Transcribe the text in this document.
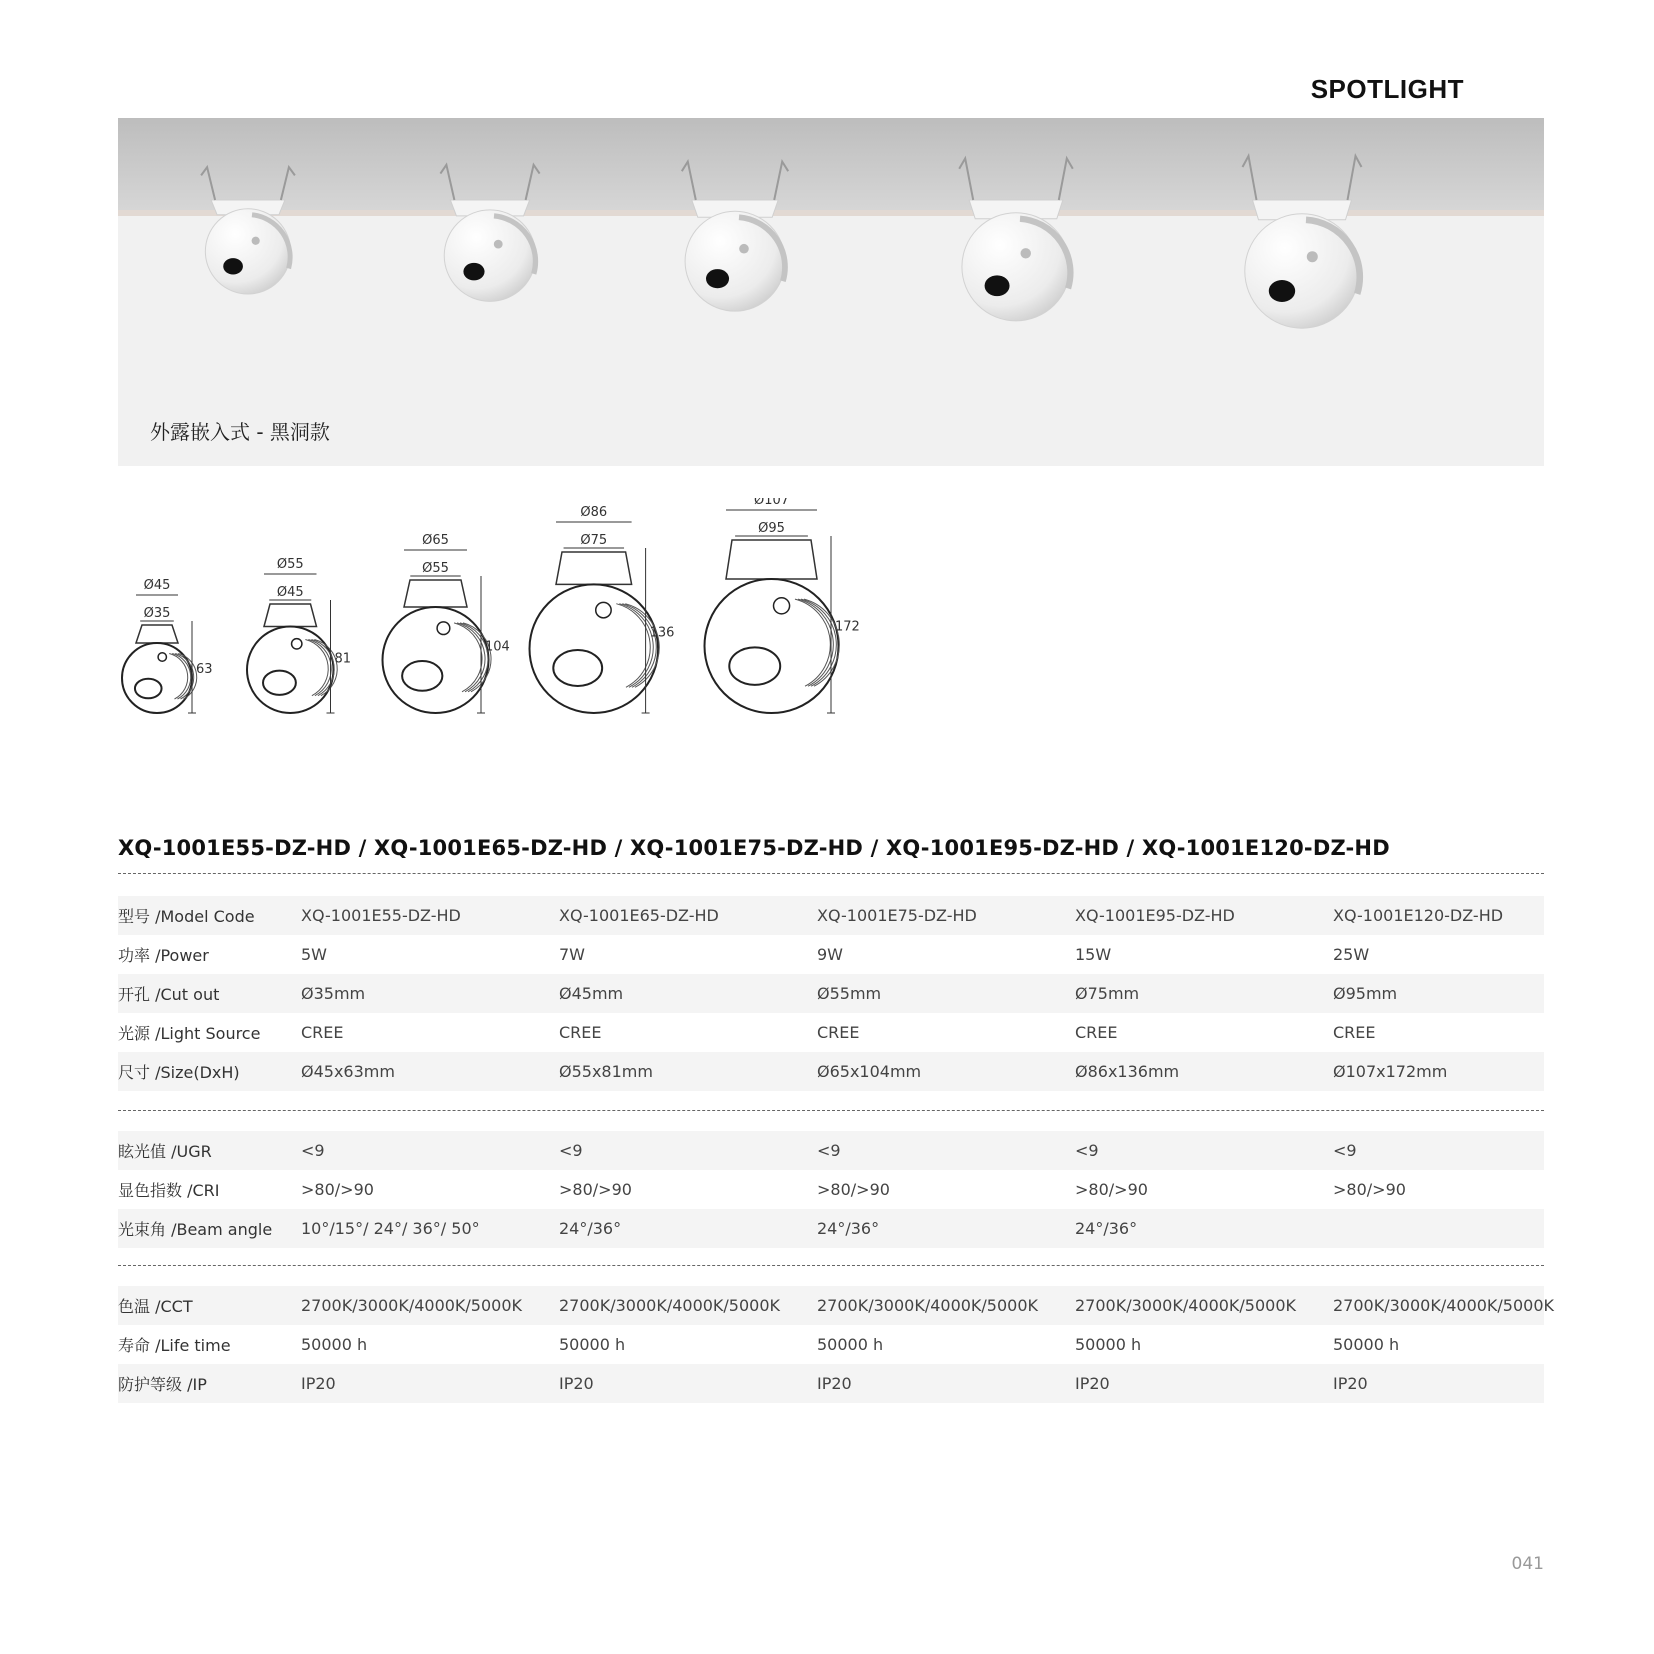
SPOTLIGHT
外露嵌入式 - 黑洞款
Ø45
Ø35
63
Ø55
Ø45
81
Ø65
Ø55
104
Ø86
Ø75
136
Ø107
Ø95
172
XQ-1001E55-DZ-HD / XQ-1001E65-DZ-HD / XQ-1001E75-DZ-HD / XQ-1001E95-DZ-HD / XQ-1001E120-DZ-HD
型号 /Model Code	XQ-1001E55-DZ-HD	XQ-1001E65-DZ-HD	XQ-1001E75-DZ-HD	XQ-1001E95-DZ-HD	XQ-1001E120-DZ-HD
功率 /Power	5W	7W	9W	15W	25W
开孔 /Cut out	Ø35mm	Ø45mm	Ø55mm	Ø75mm	Ø95mm
光源 /Light Source	CREE	CREE	CREE	CREE	CREE
尺寸 /Size(DxH)	Ø45x63mm	Ø55x81mm	Ø65x104mm	Ø86x136mm	Ø107x172mm
眩光值 /UGR	<9	<9	<9	<9	<9
显色指数 /CRI	>80/>90	>80/>90	>80/>90	>80/>90	>80/>90
光束角 /Beam angle	10°/15°/ 24°/ 36°/ 50°	24°/36°	24°/36°	24°/36°
色温 /CCT	2700K/3000K/4000K/5000K	2700K/3000K/4000K/5000K	2700K/3000K/4000K/5000K	2700K/3000K/4000K/5000K	2700K/3000K/4000K/5000K
寿命 /Life time	50000 h	50000 h	50000 h	50000 h	50000 h
防护等级 /IP	IP20	IP20	IP20	IP20	IP20
041
